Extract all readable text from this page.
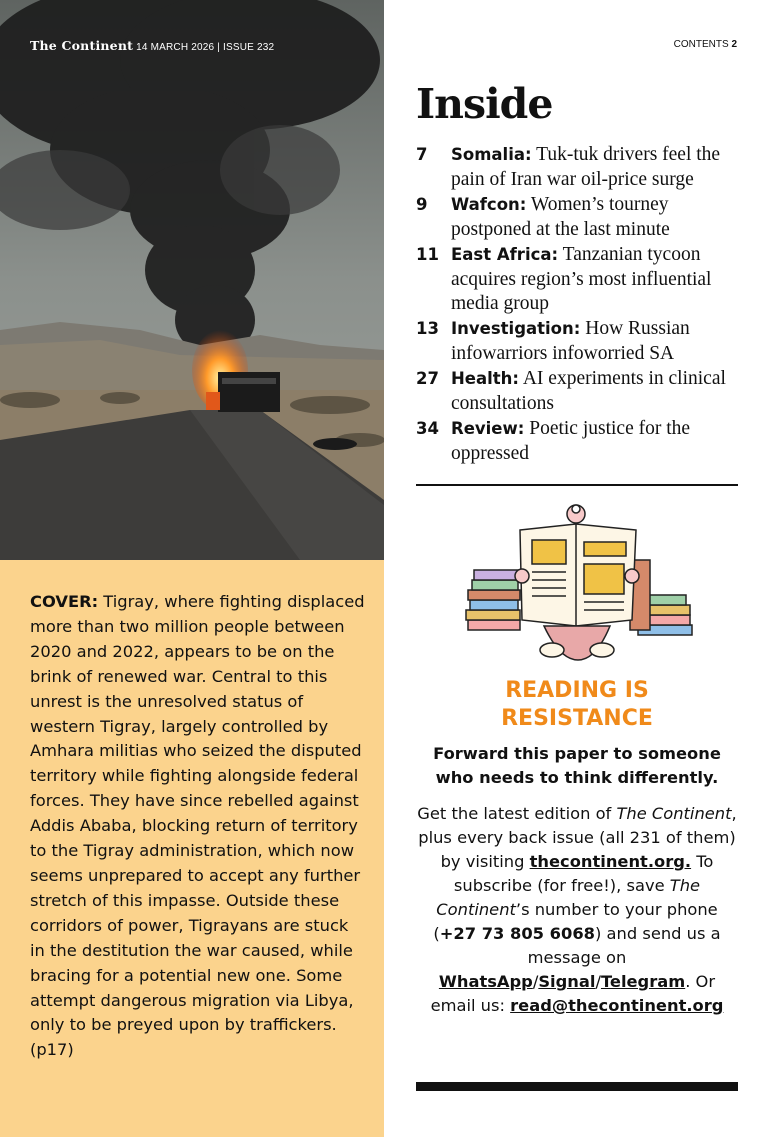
The Continent 14 MARCH 2026 | ISSUE 232

COVER: Tigray, where fighting displaced more than two million people between 2020 and 2022, appears to be on the brink of renewed war. Central to this unrest is the unresolved status of western Tigray, largely controlled by Amhara militias who seized the disputed territory while fighting alongside federal forces. They have since rebelled against Addis Ababa, blocking return of territory to the Tigray administration, which now seems unprepared to accept any further stretch of this impasse. Outside these corridors of power, Tigrayans are stuck in the destitution the war caused, while bracing for a potential new one. Some attempt dangerous migration via Libya, only to be preyed upon by traffickers. (p17)

CONTENTS 2
Inside
7	Somalia: Tuk-tuk drivers feel the pain of Iran war oil-price surge
9	Wafcon: Women’s tourney postponed at the last minute
11 East Africa: Tanzanian tycoon acquires region’s most influential media group
13 Investigation: How Russian infowarriors infoworried SA
27 Health: AI experiments in clinical consultations
34 Review: Poetic justice for the oppressed
READING IS
RESISTANCE

Forward this paper to someone who needs to think differently.

Get the latest edition of The Continent, plus every back issue (all 231 of them) by visiting thecontinent.org. To subscribe (for free!), save The Continent’s number to your phone (+27 73 805 6068) and send us a message on WhatsApp/Signal/Telegram. Or email us: read@thecontinent.org
